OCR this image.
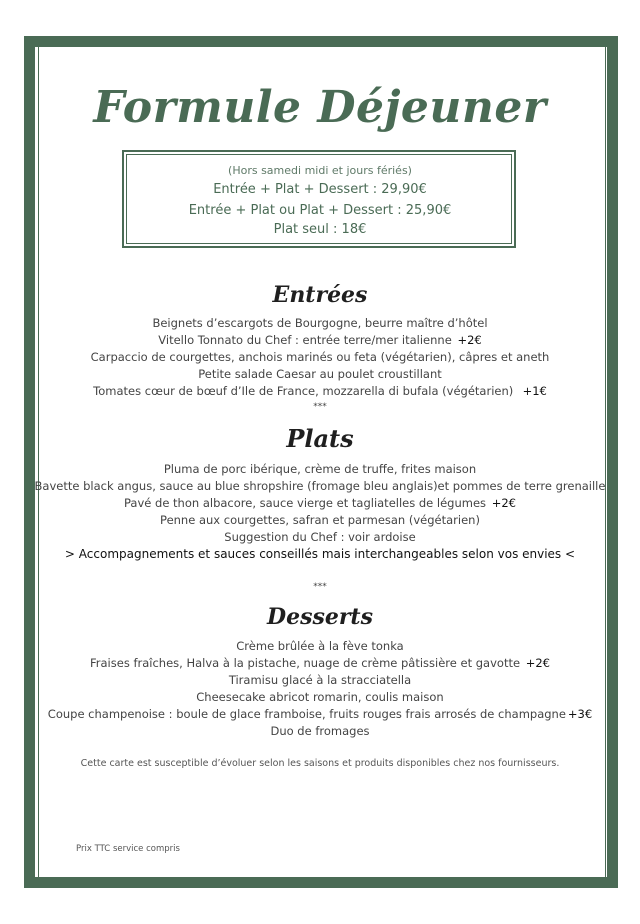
Formule Déjeuner
(Hors samedi midi et jours fériés)
Entrée + Plat + Dessert : 29,90€
Entrée + Plat ou Plat + Dessert : 25,90€
Plat seul : 18€
Entrées
Beignets d’escargots de Bourgogne, beurre maître d’hôtel
Vitello Tonnato du Chef : entrée terre/mer italienne +2€
Carpaccio de courgettes, anchois marinés ou feta (végétarien), câpres et aneth
Petite salade Caesar au poulet croustillant
Tomates cœur de bœuf d’Ile de France, mozzarella di bufala (végétarien) +1€
***
Plats
Pluma de porc ibérique, crème de truffe, frites maison
Bavette black angus, sauce au blue shropshire (fromage bleu anglais)et pommes de terre grenaille
Pavé de thon albacore, sauce vierge et tagliatelles de légumes +2€
Penne aux courgettes, safran et parmesan (végétarien)
Suggestion du Chef : voir ardoise
> Accompagnements et sauces conseillés mais interchangeables selon vos envies <
***
Desserts
Crème brûlée à la fève tonka
Fraises fraîches, Halva à la pistache, nuage de crème pâtissière et gavotte +2€
Tiramisu glacé à la stracciatella
Cheesecake abricot romarin, coulis maison
Coupe champenoise : boule de glace framboise, fruits rouges frais arrosés de champagne +3€
Duo de fromages
Cette carte est susceptible d’évoluer selon les saisons et produits disponibles chez nos fournisseurs.
Prix TTC service compris
